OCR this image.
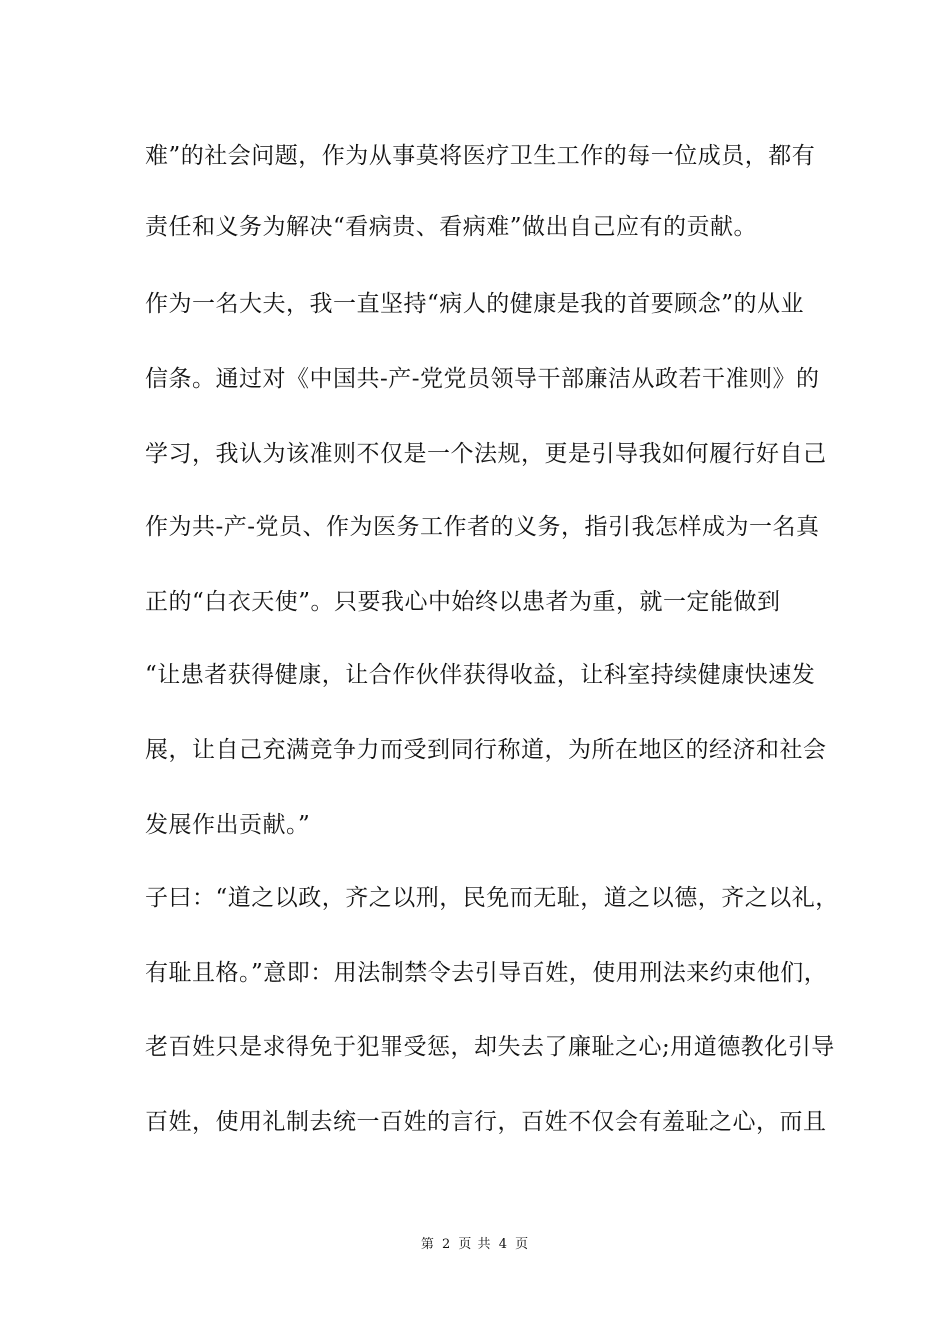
难”的社会问题，作为从事莫将医疗卫生工作的每一位成员，都有
责任和义务为解决“看病贵、看病难”做出自己应有的贡献。
作为一名大夫，我一直坚持“病人的健康是我的首要顾念”的从业
信条。通过对《中国共-产-党党员领导干部廉洁从政若干准则》的
学习，我认为该准则不仅是一个法规，更是引导我如何履行好自己
作为共-产-党员、作为医务工作者的义务，指引我怎样成为一名真
正的“白衣天使”。只要我心中始终以患者为重，就一定能做到
“让患者获得健康，让合作伙伴获得收益，让科室持续健康快速发
展，让自己充满竞争力而受到同行称道，为所在地区的经济和社会
发展作出贡献。”
子曰：“道之以政，齐之以刑，民免而无耻，道之以德，齐之以礼，
有耻且格。”意即：用法制禁令去引导百姓，使用刑法来约束他们，
老百姓只是求得免于犯罪受惩，却失去了廉耻之心;用道德教化引导
百姓，使用礼制去统一百姓的言行，百姓不仅会有羞耻之心，而且
第 2 页 共 4 页
